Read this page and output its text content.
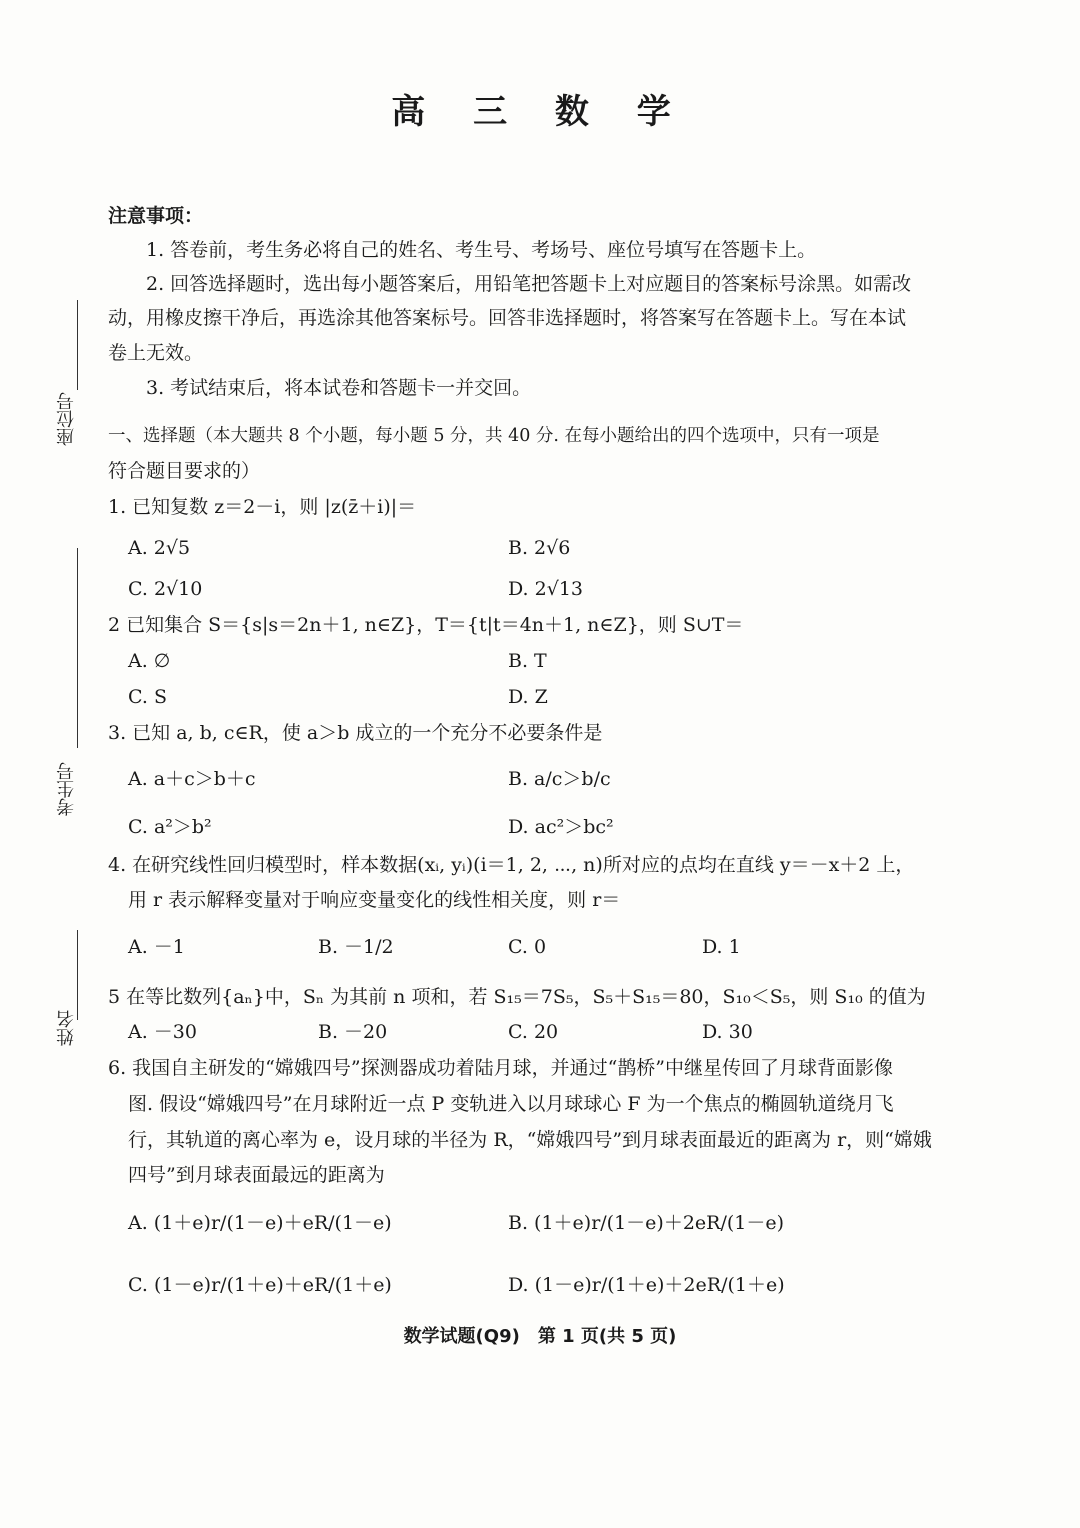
座位号
考生号
姓名
高 三 数 学
注意事项：
1. 答卷前，考生务必将自己的姓名、考生号、考场号、座位号填写在答题卡上。
2. 回答选择题时，选出每小题答案后，用铅笔把答题卡上对应题目的答案标号涂黑。如需改
动，用橡皮擦干净后，再选涂其他答案标号。回答非选择题时，将答案写在答题卡上。写在本试
卷上无效。
3. 考试结束后，将本试卷和答题卡一并交回。
一、选择题（本大题共 8 个小题，每小题 5 分，共 40 分. 在每小题给出的四个选项中，只有一项是
符合题目要求的）
1. 已知复数 z＝2－i，则 |z(z̄＋i)|＝
A. 2√5	B. 2√6
C. 2√10	D. 2√13
2 已知集合 S＝{s|s＝2n＋1, n∈Z}，T＝{t|t＝4n＋1, n∈Z}，则 S∪T＝
A. ∅	B. T
C. S	D. Z
3. 已知 a, b, c∈R，使 a＞b 成立的一个充分不必要条件是
A. a＋c＞b＋c	B. a/c＞b/c
C. a²＞b²	D. ac²＞bc²
4. 在研究线性回归模型时，样本数据(xᵢ, yᵢ)(i＝1, 2, ⋯, n)所对应的点均在直线 y＝－x＋2 上，
用 r 表示解释变量对于响应变量变化的线性相关度，则 r＝
A. －1	B. －1/2	C. 0	D. 1
5 在等比数列{aₙ}中，Sₙ 为其前 n 项和，若 S₁₅＝7S₅，S₅＋S₁₅＝80，S₁₀＜S₅，则 S₁₀ 的值为
A. －30	B. －20	C. 20	D. 30
6. 我国自主研发的“嫦娥四号”探测器成功着陆月球，并通过“鹊桥”中继星传回了月球背面影像
图. 假设“嫦娥四号”在月球附近一点 P 变轨进入以月球球心 F 为一个焦点的椭圆轨道绕月飞
行，其轨道的离心率为 e，设月球的半径为 R，“嫦娥四号”到月球表面最近的距离为 r，则“嫦娥
四号”到月球表面最远的距离为
A. (1＋e)r/(1－e)＋eR/(1－e)	B. (1＋e)r/(1－e)＋2eR/(1－e)
C. (1－e)r/(1＋e)＋eR/(1＋e)	D. (1－e)r/(1＋e)＋2eR/(1＋e)
数学试题(Q9)　第 1 页(共 5 页)
